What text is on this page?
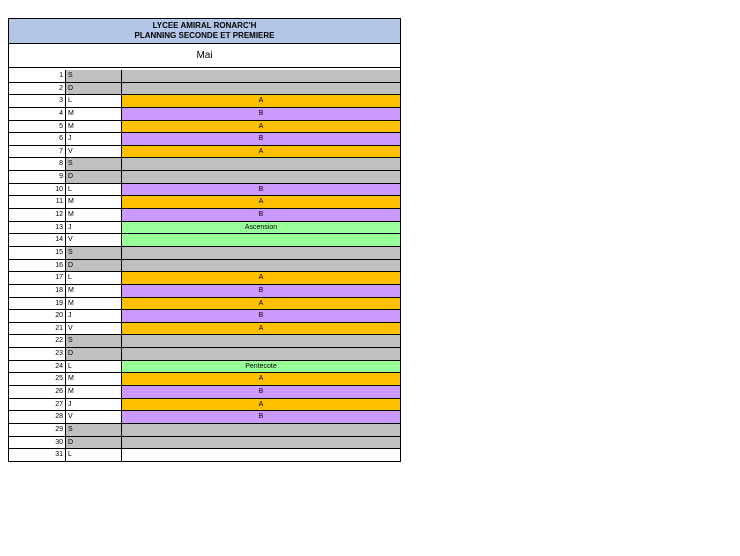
LYCEE AMIRAL RONARC'H
PLANNING SECONDE ET PREMIERE
Mai
1 S
2 D
3 L	A
4 M	B
5 M	A
6 J	B
7 V	A
8 S
9 D
10 L	B
11 M	A
12 M	B
13 J	Ascension
14 V
15 S
16 D
17 L	A
18 M	B
19 M	A
20 J	B
21 V	A
22 S
23 D
24 L	Pentecote
25 M	A
26 M	B
27 J	A
28 V	B
29 S
30 D
31 L
